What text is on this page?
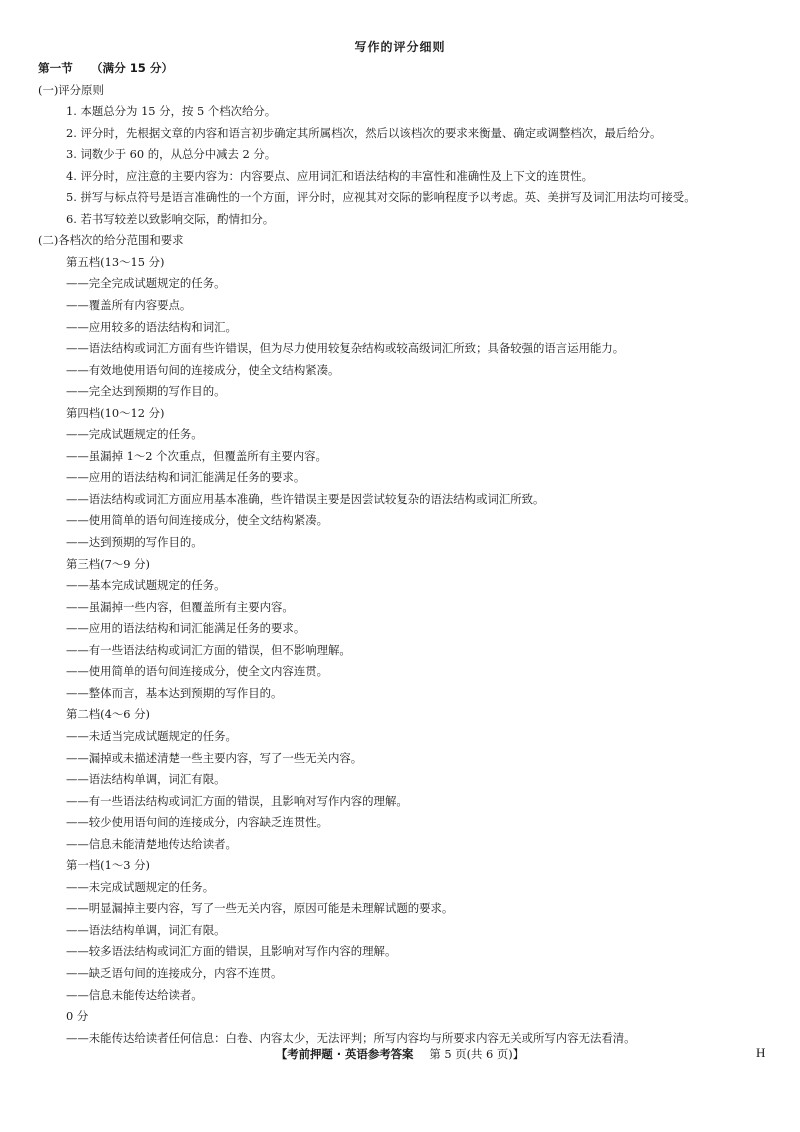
写作的评分细则
第一节 （满分 15 分）
(一)评分原则
1. 本题总分为 15 分，按 5 个档次给分。
2. 评分时，先根据文章的内容和语言初步确定其所属档次，然后以该档次的要求来衡量、确定或调整档次，最后给分。
3. 词数少于 60 的，从总分中减去 2 分。
4. 评分时，应注意的主要内容为：内容要点、应用词汇和语法结构的丰富性和准确性及上下文的连贯性。
5. 拼写与标点符号是语言准确性的一个方面，评分时，应视其对交际的影响程度予以考虑。英、美拼写及词汇用法均可接受。
6. 若书写较差以致影响交际，酌情扣分。
(二)各档次的给分范围和要求
第五档(13～15 分)
——完全完成试题规定的任务。
——覆盖所有内容要点。
——应用较多的语法结构和词汇。
——语法结构或词汇方面有些许错误，但为尽力使用较复杂结构或较高级词汇所致；具备较强的语言运用能力。
——有效地使用语句间的连接成分，使全文结构紧凑。
——完全达到预期的写作目的。
第四档(10～12 分)
——完成试题规定的任务。
——虽漏掉 1～2 个次重点，但覆盖所有主要内容。
——应用的语法结构和词汇能满足任务的要求。
——语法结构或词汇方面应用基本准确，些许错误主要是因尝试较复杂的语法结构或词汇所致。
——使用简单的语句间连接成分，使全文结构紧凑。
——达到预期的写作目的。
第三档(7～9 分)
——基本完成试题规定的任务。
——虽漏掉一些内容，但覆盖所有主要内容。
——应用的语法结构和词汇能满足任务的要求。
——有一些语法结构或词汇方面的错误，但不影响理解。
——使用简单的语句间连接成分，使全文内容连贯。
——整体而言，基本达到预期的写作目的。
第二档(4～6 分)
——未适当完成试题规定的任务。
——漏掉或未描述清楚一些主要内容，写了一些无关内容。
——语法结构单调，词汇有限。
——有一些语法结构或词汇方面的错误，且影响对写作内容的理解。
——较少使用语句间的连接成分，内容缺乏连贯性。
——信息未能清楚地传达给读者。
第一档(1～3 分)
——未完成试题规定的任务。
——明显漏掉主要内容，写了一些无关内容，原因可能是未理解试题的要求。
——语法结构单调，词汇有限。
——较多语法结构或词汇方面的错误，且影响对写作内容的理解。
——缺乏语句间的连接成分，内容不连贯。
——信息未能传达给读者。
0 分
——未能传达给读者任何信息：白卷、内容太少，无法评判；所写内容均与所要求内容无关或所写内容无法看清。
【考前押题 · 英语参考答案 第 5 页(共 6 页)】	H
